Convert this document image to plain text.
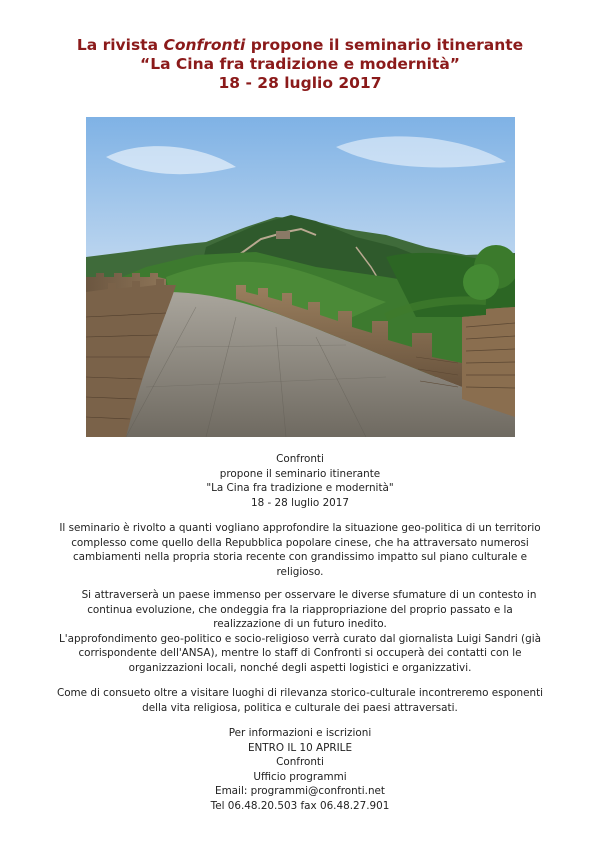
La rivista Confronti propone il seminario itinerante
“La Cina fra tradizione e modernità”
18 - 28 luglio 2017
Confronti
propone il seminario itinerante
"La Cina fra tradizione e modernità"
18 - 28 luglio 2017
Il seminario è rivolto a quanti vogliano approfondire la situazione geo-politica di un territorio
complesso come quello della Repubblica popolare cinese, che ha attraversato numerosi
cambiamenti nella propria storia recente con grandissimo impatto sul piano culturale e
religioso.
Si attraverserà un paese immenso per osservare le diverse sfumature di un contesto in
continua evoluzione, che ondeggia fra la riappropriazione del proprio passato e la
realizzazione di un futuro inedito.
L'approfondimento geo-politico e socio-religioso verrà curato dal giornalista Luigi Sandri (già
corrispondente dell'ANSA), mentre lo staff di Confronti si occuperà dei contatti con le
organizzazioni locali, nonché degli aspetti logistici e organizzativi.
Come di consueto oltre a visitare luoghi di rilevanza storico-culturale incontreremo esponenti
della vita religiosa, politica e culturale dei paesi attraversati.
Per informazioni e iscrizioni
ENTRO IL 10 APRILE
Confronti
Ufficio programmi
Email: programmi@confronti.net
Tel 06.48.20.503 fax 06.48.27.901
